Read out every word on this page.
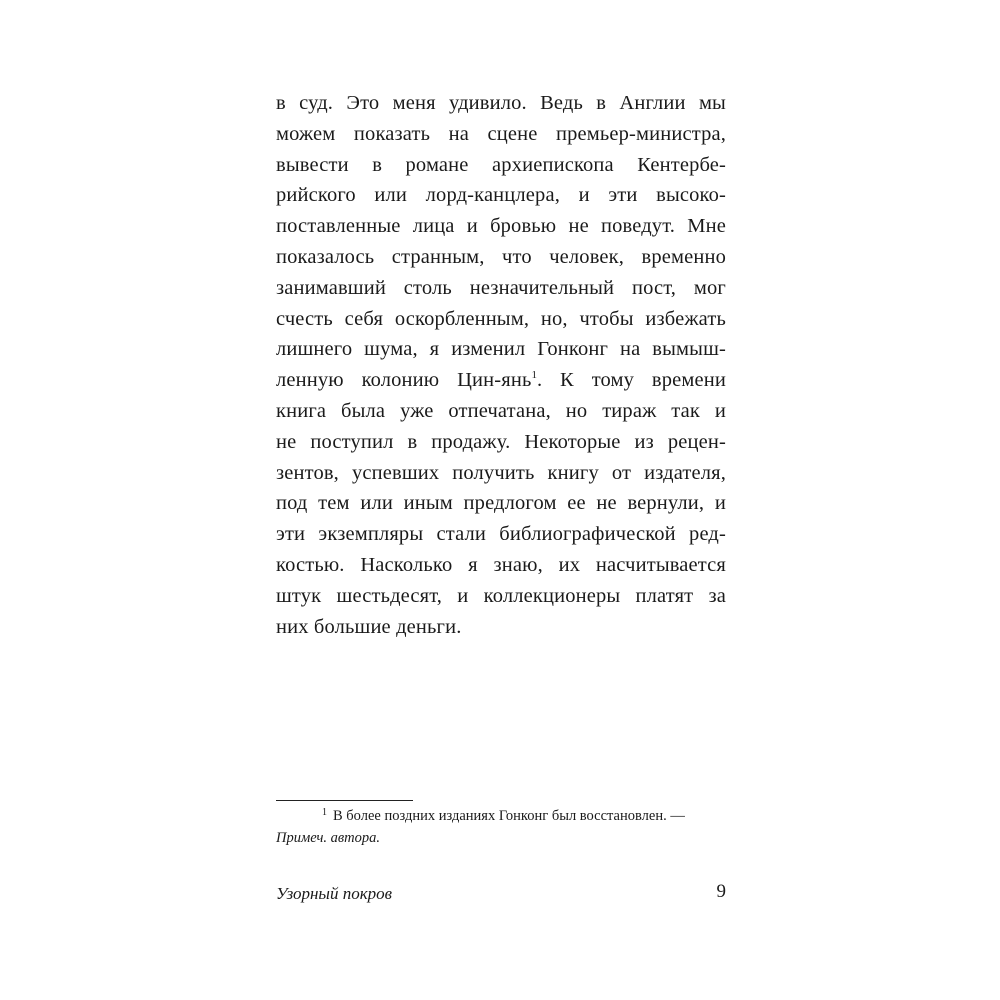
в суд. Это меня удивило. Ведь в Англии мы
можем показать на сцене премьер-министра,
вывести в романе архиепископа Кентербе-
рийского или лорд-канцлера, и эти высоко-
поставленные лица и бровью не поведут. Мне
показалось странным, что человек, временно
занимавший столь незначительный пост, мог
счесть себя оскорбленным, но, чтобы избежать
лишнего шума, я изменил Гонконг на вымыш-
ленную колонию Цин-янь$^1$. К тому времени
книга была уже отпечатана, но тираж так и
не поступил в продажу. Некоторые из рецен-
зентов, успевших получить книгу от издателя,
под тем или иным предлогом ее не вернули, и
эти экземпляры стали библиографической ред-
костью. Насколько я знаю, их насчитывается
штук шестьдесят, и коллекционеры платят за
них большие деньги.
$^1$ В более поздних изданиях Гонконг был восстановлен. —
Примеч. автора.
Узорный покров	9
